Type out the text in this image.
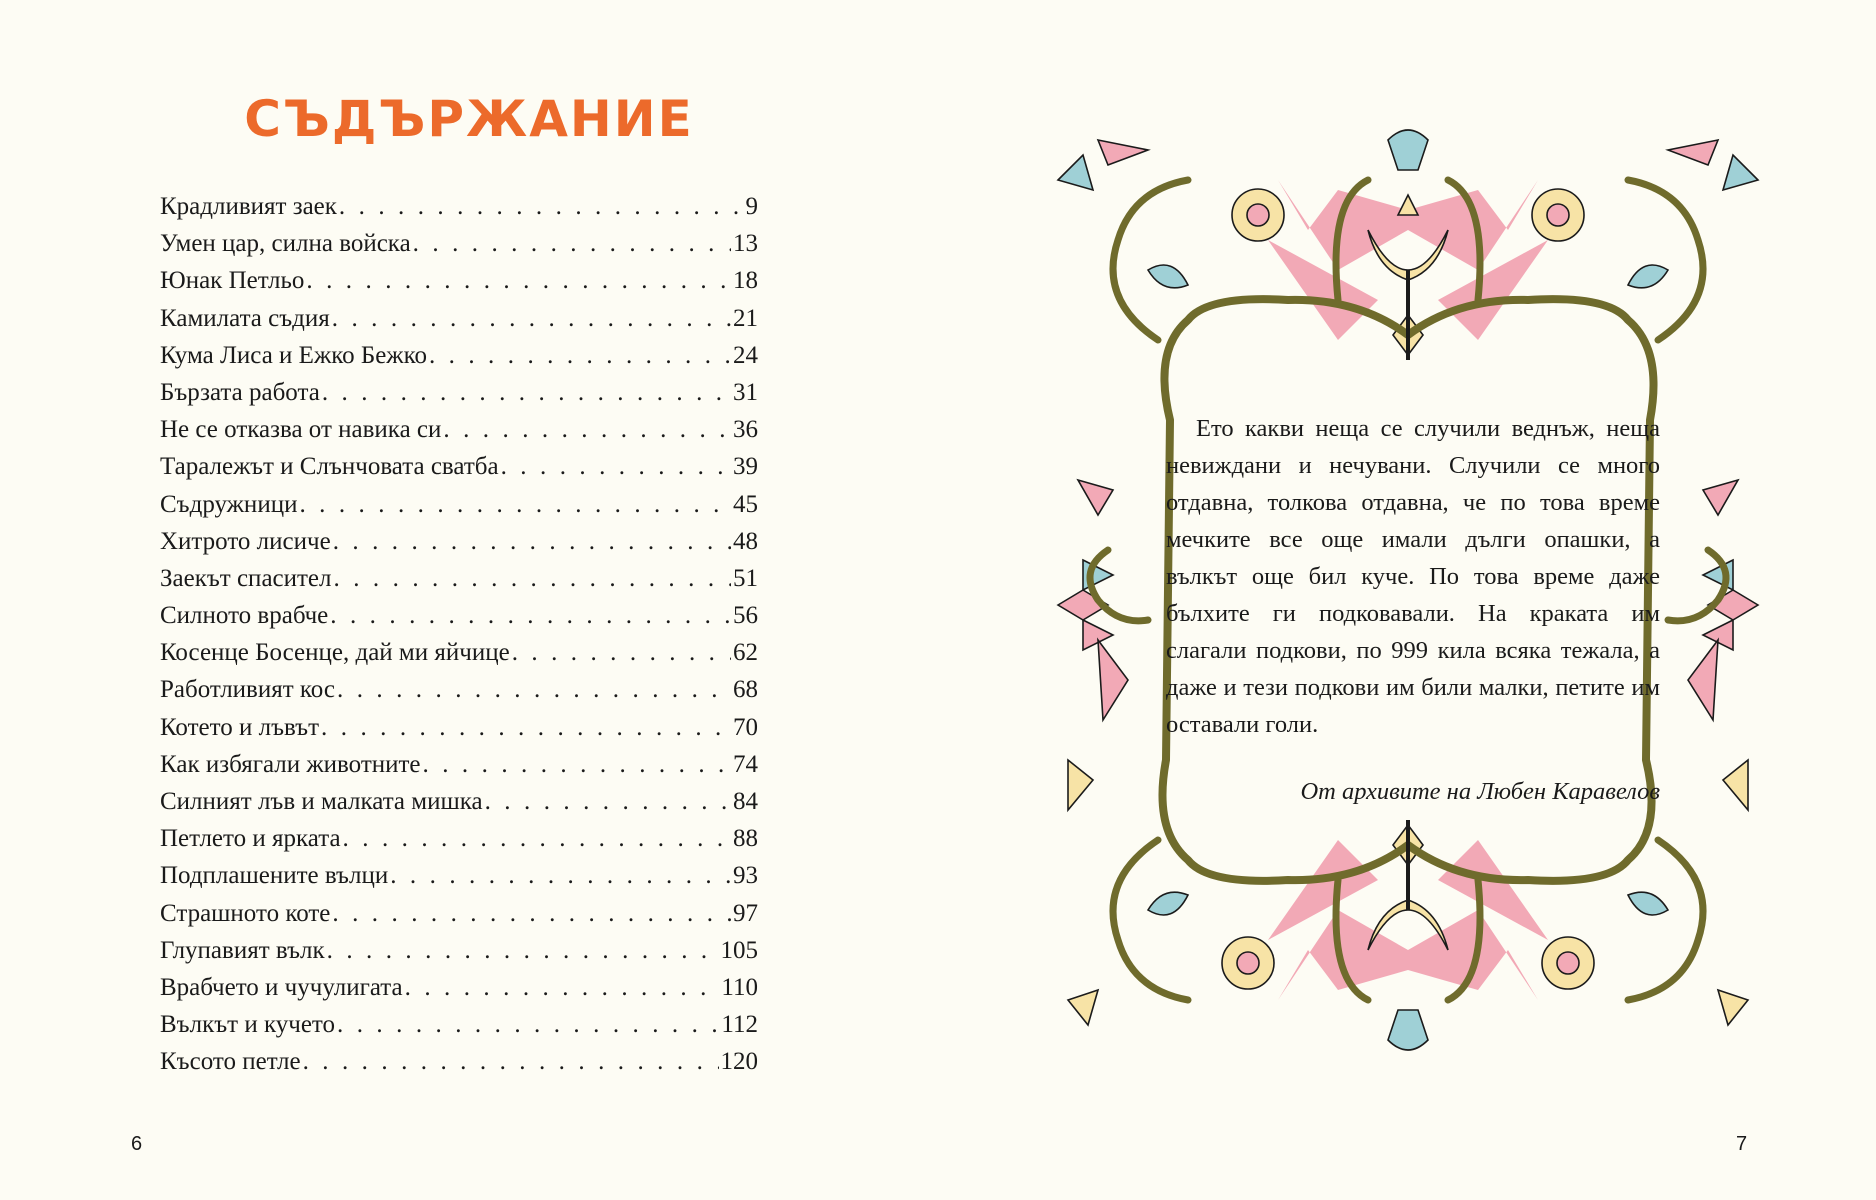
СЪДЪРЖАНИЕ
Крадливият заек . . .	9
Умен цар, силна войска . . .	13
Юнак Петльо . . .	18
Камилата съдия . . .	21
Кума Лиса и Ежко Бежко . . .	24
Бързата работа . . .	31
Не се отказва от навика си . . .	36
Таралежът и Слънчовата сватба . . .	39
Съдружници . . .	45
Хитрото лисиче . . .	48
Заекът спасител . . .	51
Силното врабче . . .	56
Косенце Босенце, дай ми яйчице . . .	62
Работливият кос . . .	68
Котето и лъвът . . .	70
Как избягали животните . . .	74
Силният лъв и малката мишка . . .	84
Петлето и ярката . . .	88
Подплашените вълци . . .	93
Страшното коте . . .	97
Глупавият вълк . . .	105
Врабчето и чучулигата . . .	110
Вълкът и кучето . . .	112
Късото петле . . .	120
6

Ето какви неща се случили веднъж, неща невиждани и нечувани. Случили се много отдавна, толкова отдавна, че по това време мечките все още имали дълги опашки, а вълкът още бил куче. По това време даже бълхите ги подковавали. На краката им слагали подкови, по 999 кила всяка тежала, а даже и тези подкови им били малки, петите им оставали голи.

От архивите на Любен Каравелов
7
